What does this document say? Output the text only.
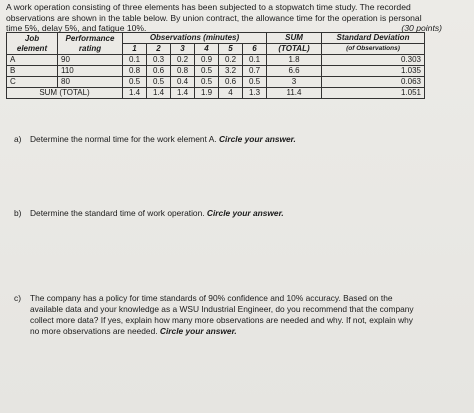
A work operation consisting of three elements has been subjected to a stopwatch time study. The recorded
observations are shown in the table below. By union contract, the allowance time for the operation is personal
time 5%, delay 5%, and fatigue 10%.	(30 points)
Job element	Performance rating	Observations (minutes)						SUM	Standard Deviation
		1	2	3	4	5	6	(TOTAL)	(of Observations)
A	90	0.1	0.3	0.2	0.9	0.2	0.1	1.8	0.303
B	110	0.8	0.6	0.8	0.5	3.2	0.7	6.6	1.035
C	80	0.5	0.5	0.4	0.5	0.6	0.5	3	0.063
SUM (TOTAL)		1.4	1.4	1.4	1.9	4	1.3	11.4	1.051
a) Determine the normal time for the work element A. Circle your answer.
b) Determine the standard time of work operation. Circle your answer.
c) The company has a policy for time standards of 90% confidence and 10% accuracy. Based on the
available data and your knowledge as a WSU Industrial Engineer, do you recommend that the company
collect more data? If yes, explain how many more observations are needed and why. If not, explain why
no more observations are needed. Circle your answer.
